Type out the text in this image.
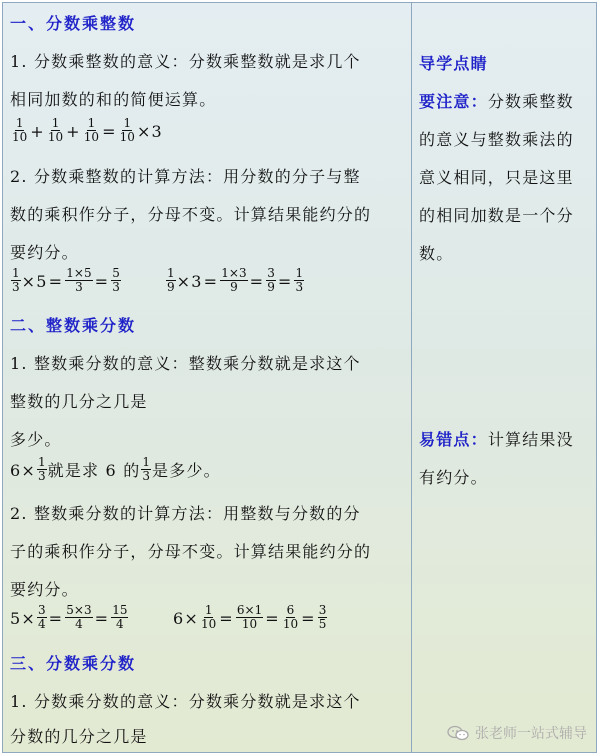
一、分数乘整数
1. 分数乘整数的意义：分数乘整数就是求几个
相同加数的和的简便运算。
$\frac{1}{10} + \frac{1}{10} + \frac{1}{10} = \frac{1}{10} \times 3$
2. 分数乘整数的计算方法：用分数的分子与整
数的乘积作分子，分母不变。计算结果能约分的
要约分。
$\frac{1}{3} \times 5= \frac{1\times 5}{3} = \frac{5}{3}$	$\frac{1}{9} \times 3= \frac{1\times 3}{9} = \frac{3}{9} = \frac{1}{3}$
二、整数乘分数
1. 整数乘分数的意义：整数乘分数就是求这个
整数的几分之几是
多少。
$6\times \frac{1}{3}$ 就是求 6 的 $\frac{1}{3}$ 是多少。
2. 整数乘分数的计算方法：用整数与分数的分
子的乘积作分子，分母不变。计算结果能约分的
要约分。
$5\times \frac{3}{4} = \frac{5\times 3}{4} = \frac{15}{4}$	$6\times \frac{1}{10} = \frac{6\times 1}{10} = \frac{6}{10} = \frac{3}{5}$
三、分数乘分数
1. 分数乘分数的意义：分数乘分数就是求这个
分数的几分之几是
导学点睛
要注意：分数乘整数
的意义与整数乘法的
意义相同，只是这里
的相同加数是一个分
数。
易错点：计算结果没
有约分。
张老师一站式辅导
